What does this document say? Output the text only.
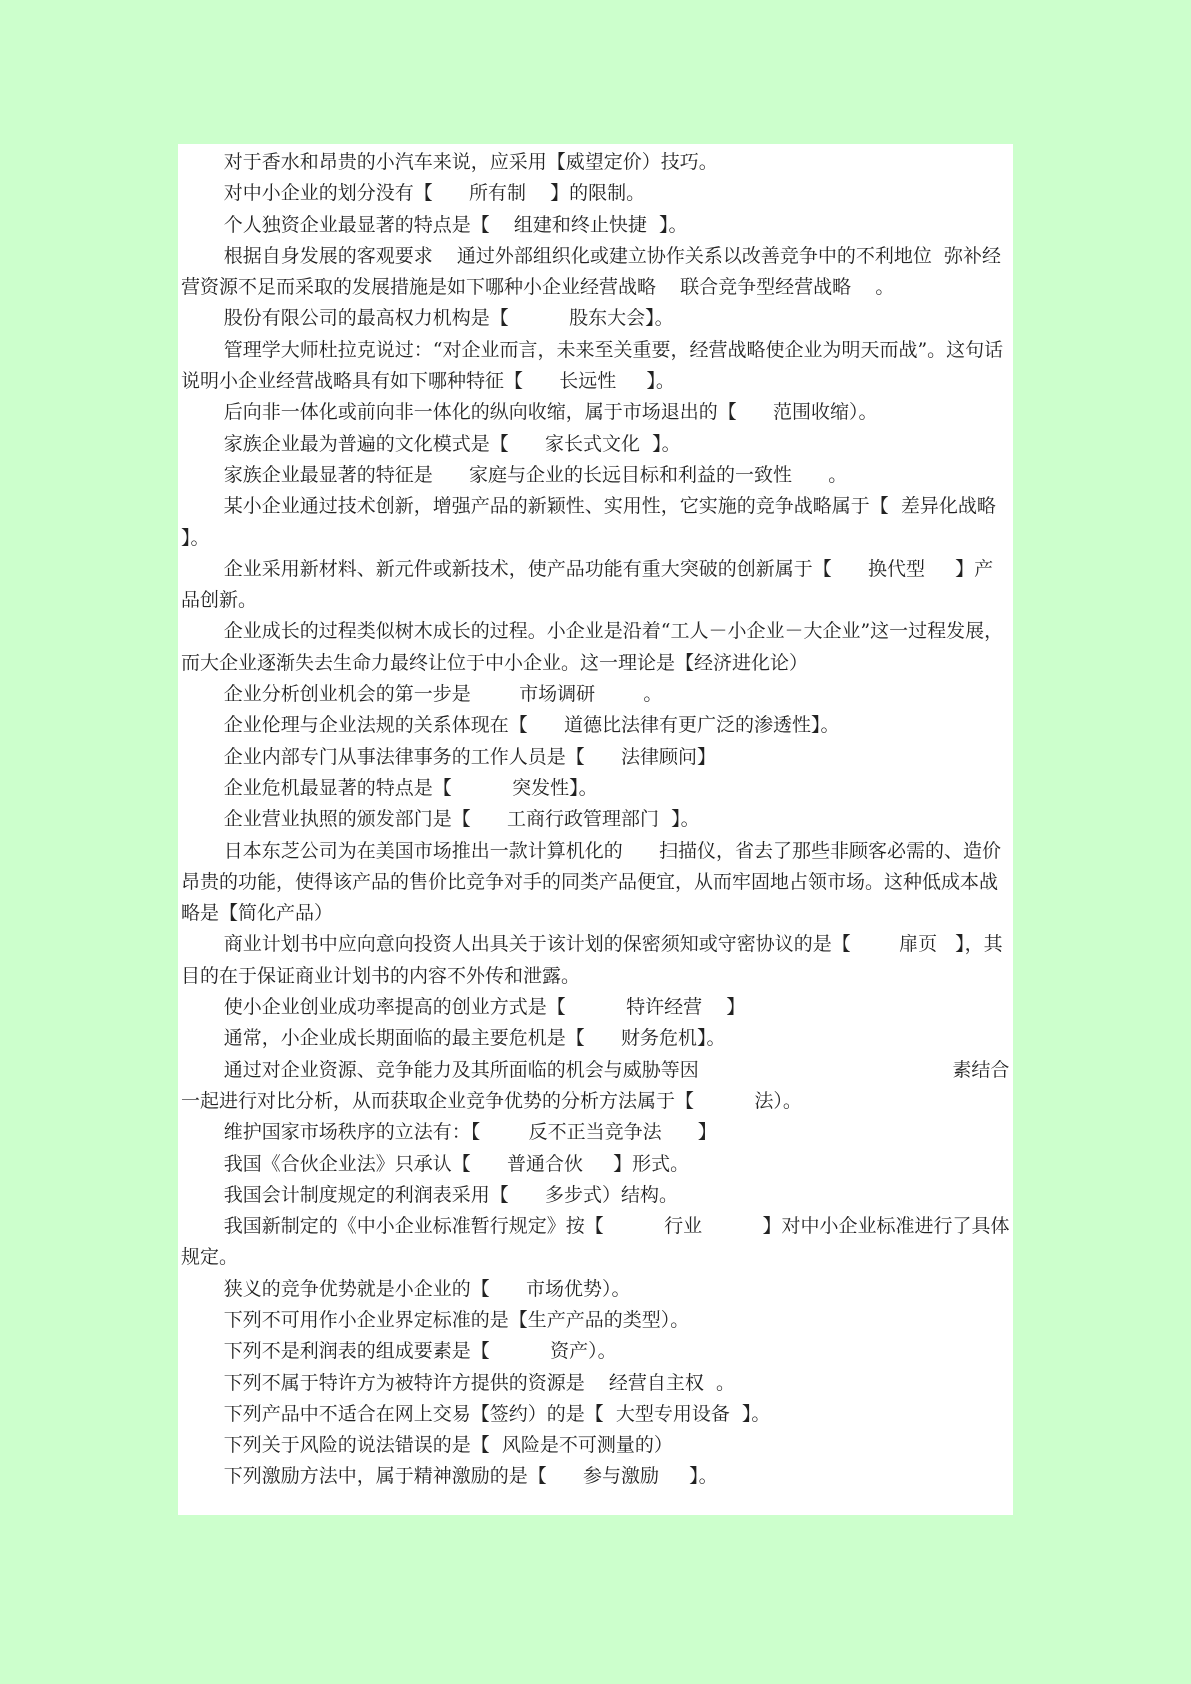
对于香水和昂贵的小汽车来说，应采用【威望定价）技巧。

对中小企业的划分没有【      所有制    】的限制。

个人独资企业最显著的特点是【    组建和终止快捷  】。

根据自身发展的客观要求    通过外部组织化或建立协作关系以改善竞争中的不利地位  弥补经营资源不足而采取的发展措施是如下哪种小企业经营战略    联合竞争型经营战略    。

股份有限公司的最高权力机构是【          股东大会】。

管理学大师杜拉克说过：“对企业而言，未来至关重要，经营战略使企业为明天而战”。这句话说明小企业经营战略具有如下哪种特征【      长远性     】。

后向非一体化或前向非一体化的纵向收缩，属于市场退出的【      范围收缩）。

家族企业最为普遍的文化模式是【      家长式文化  】。

家族企业最显著的特征是      家庭与企业的长远目标和利益的一致性      。

某小企业通过技术创新，增强产品的新颖性、实用性，它实施的竞争战略属于【  差异化战略  】。

企业采用新材料、新元件或新技术，使产品功能有重大突破的创新属于【      换代型     】产品创新。

企业成长的过程类似树木成长的过程。小企业是沿着“工人－小企业－大企业”这一过程发展，而大企业逐渐失去生命力最终让位于中小企业。这一理论是【经济进化论）

企业分析创业机会的第一步是        市场调研        。

企业伦理与企业法规的关系体现在【      道德比法律有更广泛的渗透性】。

企业内部专门从事法律事务的工作人员是【      法律顾问】

企业危机最显著的特点是【          突发性】。

企业营业执照的颁发部门是【      工商行政管理部门  】。

日本东芝公司为在美国市场推出一款计算机化的      扫描仪，省去了那些非顾客必需的、造价昂贵的功能，使得该产品的售价比竞争对手的同类产品便宜，从而牢固地占领市场。这种低成本战略是【简化产品）

商业计划书中应向意向投资人出具关于该计划的保密须知或守密协议的是【        扉页   】，其目的在于保证商业计划书的内容不外传和泄露。

使小企业创业成功率提高的创业方式是【          特许经营    】

通常，小企业成长期面临的最主要危机是【      财务危机】。

通过对企业资源、竞争能力及其所面临的机会与威胁等因                                          素结合一起进行对比分析，从而获取企业竞争优势的分析方法属于【          法）。

维护国家市场秩序的立法有：【        反不正当竞争法      】

我国《合伙企业法》只承认【      普通合伙     】形式。

我国会计制度规定的利润表采用【      多步式）结构。

我国新制定的《中小企业标准暂行规定》按【          行业          】对中小企业标准进行了具体规定。

狭义的竞争优势就是小企业的【      市场优势）。

下列不可用作小企业界定标准的是【生产产品的类型）。

下列不是利润表的组成要素是【          资产）。

下列不属于特许方为被特许方提供的资源是    经营自主权  。

下列产品中不适合在网上交易【签约）的是【  大型专用设备  】。

下列关于风险的说法错误的是【  风险是不可测量的）

下列激励方法中，属于精神激励的是【      参与激励     】。
